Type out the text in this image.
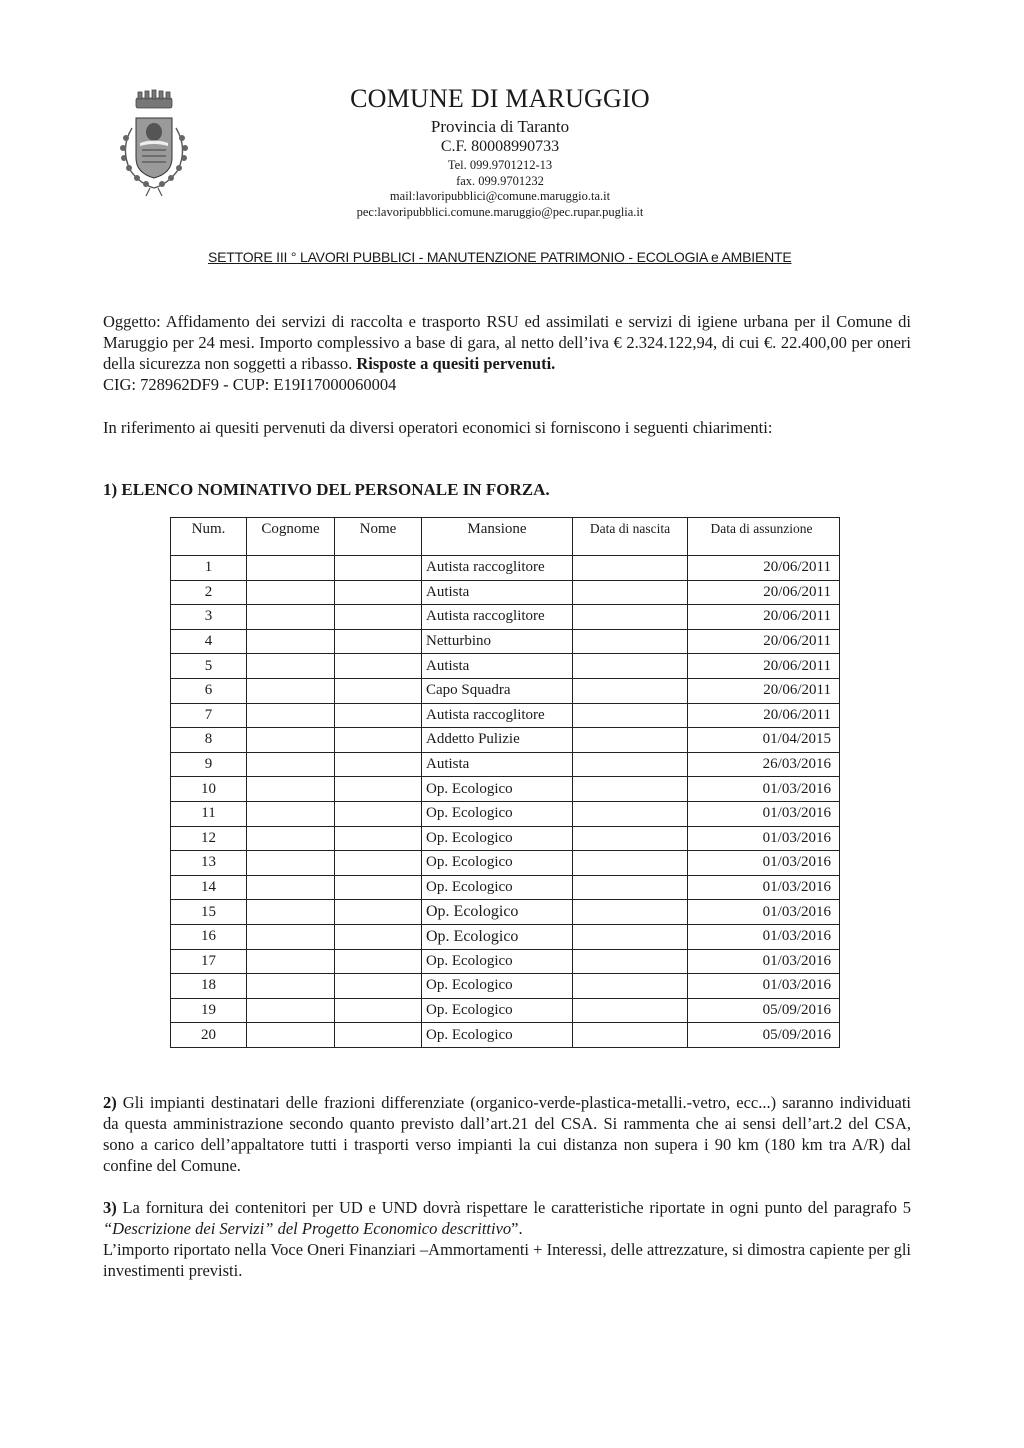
COMUNE DI MARUGGIO
Provincia di Taranto
C.F. 80008990733
Tel. 099.9701212-13
fax. 099.9701232
mail:lavoripubblici@comune.maruggio.ta.it
pec:lavoripubblici.comune.maruggio@pec.rupar.puglia.it
SETTORE III ° LAVORI PUBBLICI - MANUTENZIONE PATRIMONIO - ECOLOGIA e AMBIENTE
Oggetto: Affidamento dei servizi di raccolta e trasporto RSU ed assimilati e servizi di igiene urbana per il Comune di Maruggio per 24 mesi. Importo complessivo a base di gara, al netto dell’iva € 2.324.122,94, di cui €. 22.400,00 per oneri della sicurezza non soggetti a ribasso. Risposte a quesiti pervenuti.
CIG: 728962DF9 - CUP: E19I17000060004
In riferimento ai quesiti pervenuti da diversi operatori economici si forniscono i seguenti chiarimenti:
1) ELENCO NOMINATIVO DEL PERSONALE IN FORZA.
Num.	Cognome	Nome	Mansione	Data di nascita	Data di assunzione
1			Autista raccoglitore		20/06/2011
2			Autista		20/06/2011
3			Autista raccoglitore		20/06/2011
4			Netturbino		20/06/2011
5			Autista		20/06/2011
6			Capo Squadra		20/06/2011
7			Autista raccoglitore		20/06/2011
8			Addetto Pulizie		01/04/2015
9			Autista		26/03/2016
10			Op. Ecologico		01/03/2016
11			Op. Ecologico		01/03/2016
12			Op. Ecologico		01/03/2016
13			Op. Ecologico		01/03/2016
14			Op. Ecologico		01/03/2016
15			Op. Ecologico		01/03/2016
16			Op. Ecologico		01/03/2016
17			Op. Ecologico		01/03/2016
18			Op. Ecologico		01/03/2016
19			Op. Ecologico		05/09/2016
20			Op. Ecologico		05/09/2016
2) Gli impianti destinatari delle frazioni differenziate (organico-verde-plastica-metalli.-vetro, ecc...) saranno individuati da questa amministrazione secondo quanto previsto dall’art.21 del CSA. Si rammenta che ai sensi dell’art.2 del CSA, sono a carico dell’appaltatore tutti i trasporti verso impianti la cui distanza non supera i 90 km (180 km tra A/R) dal confine del Comune.
3) La fornitura dei contenitori per UD e UND dovrà rispettare le caratteristiche riportate in ogni punto del paragrafo 5 “Descrizione dei Servizi” del Progetto Economico descrittivo”.
L’importo riportato nella Voce Oneri Finanziari –Ammortamenti + Interessi, delle attrezzature, si dimostra capiente per gli investimenti previsti.
